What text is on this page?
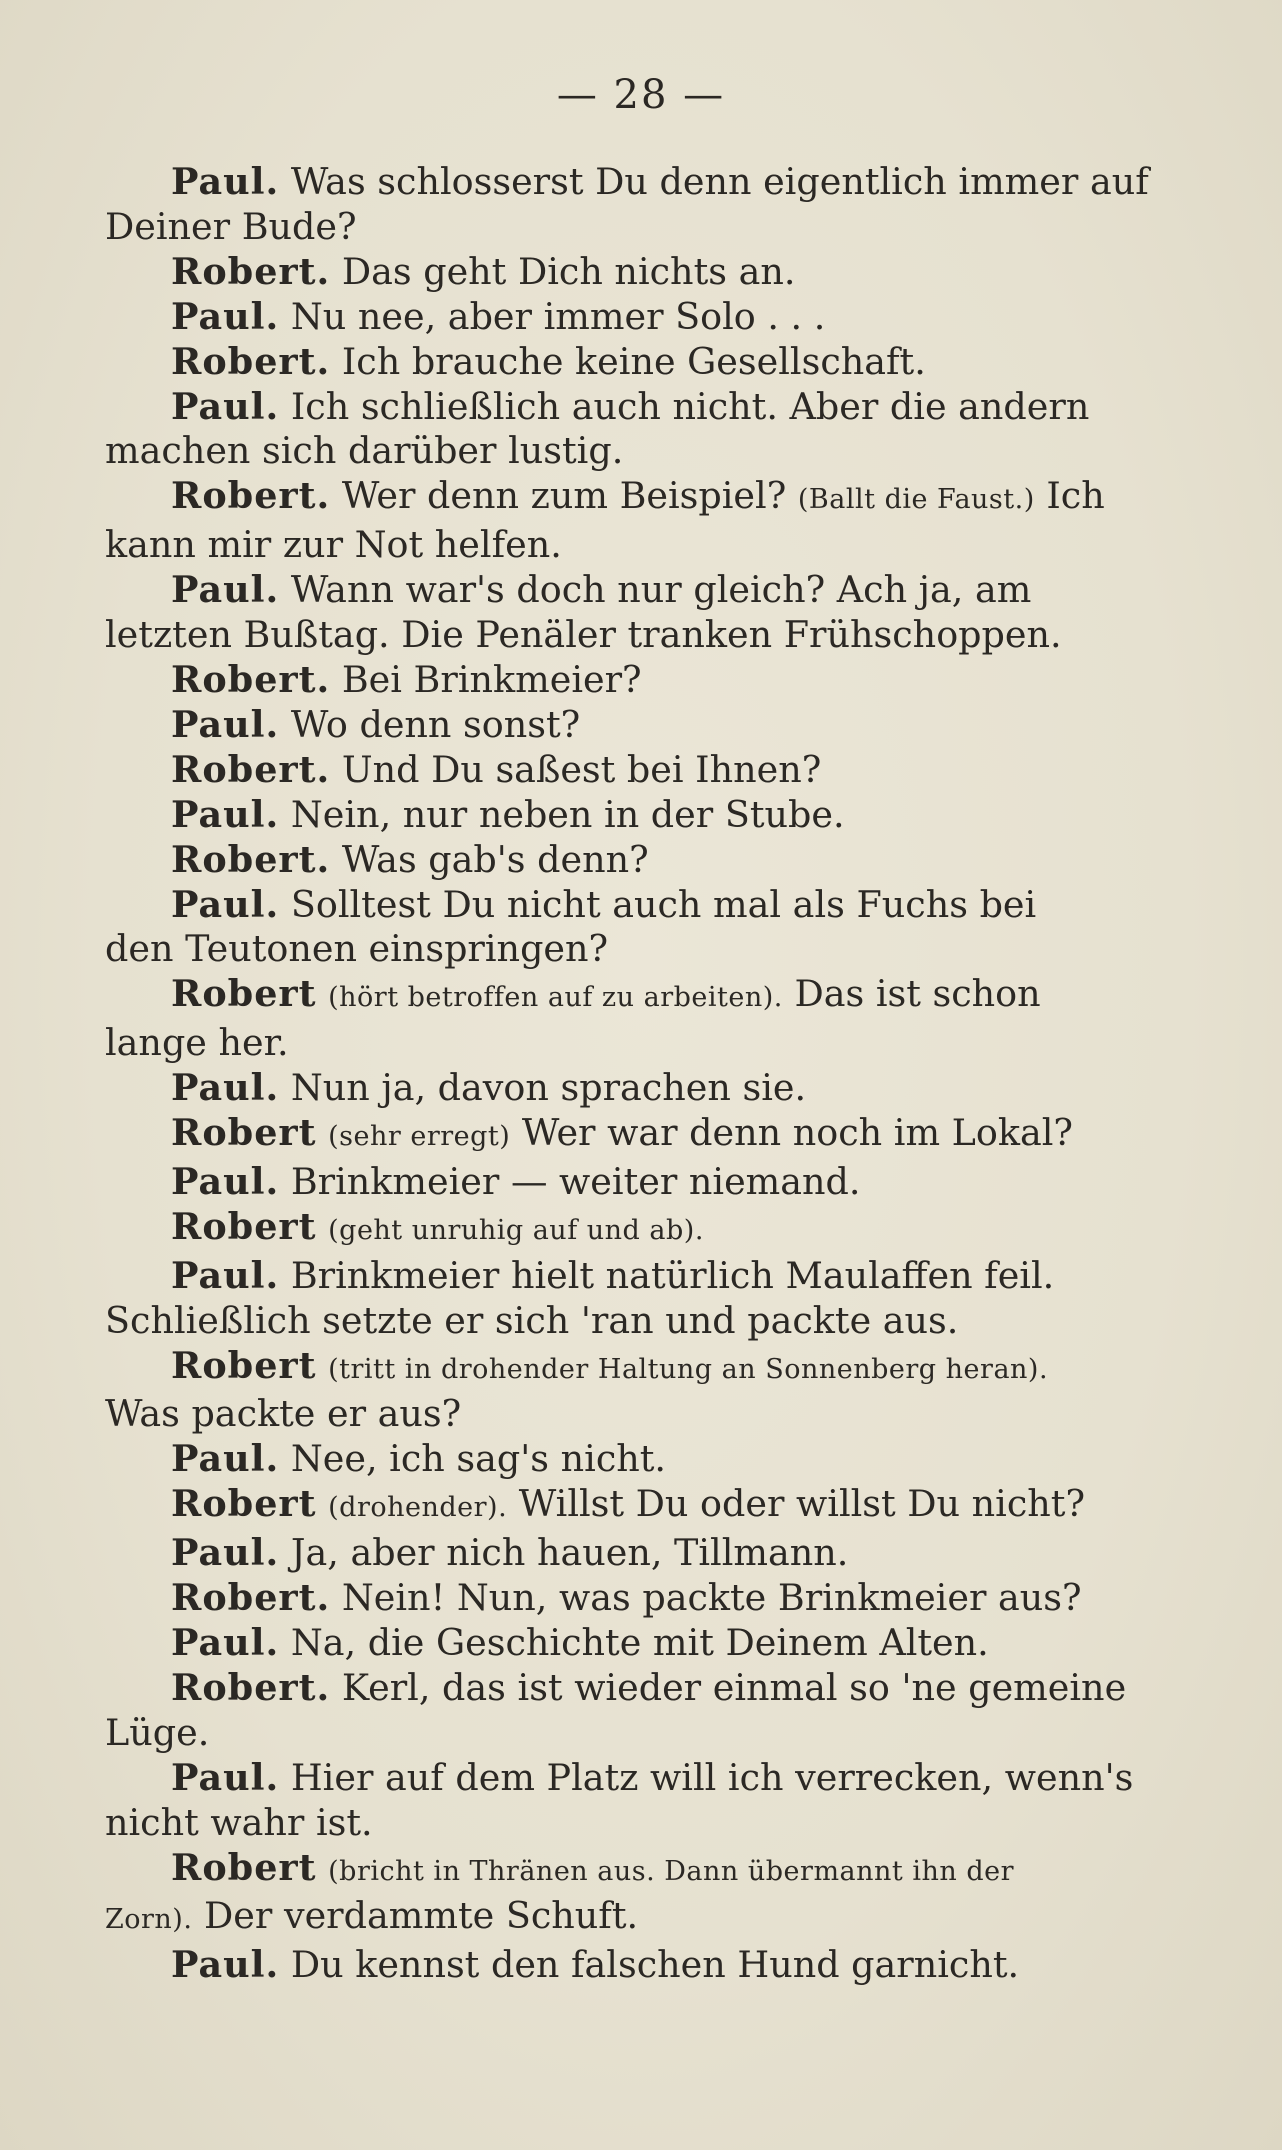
— 28 —

Paul. Was schlosserst Du denn eigentlich immer auf

Deiner Bude?

Robert. Das geht Dich nichts an.

Paul. Nu nee, aber immer Solo . . .

Robert. Ich brauche keine Gesellschaft.

Paul. Ich schließlich auch nicht. Aber die andern

machen sich darüber lustig.

Robert. Wer denn zum Beispiel? (Ballt die Faust.) Ich

kann mir zur Not helfen.

Paul. Wann war's doch nur gleich? Ach ja, am

letzten Bußtag. Die Penäler tranken Frühschoppen.

Robert. Bei Brinkmeier?

Paul. Wo denn sonst?

Robert. Und Du saßest bei Ihnen?

Paul. Nein, nur neben in der Stube.

Robert. Was gab's denn?

Paul. Solltest Du nicht auch mal als Fuchs bei

den Teutonen einspringen?

Robert (hört betroffen auf zu arbeiten). Das ist schon

lange her.

Paul. Nun ja, davon sprachen sie.

Robert (sehr erregt) Wer war denn noch im Lokal?

Paul. Brinkmeier — weiter niemand.

Robert (geht unruhig auf und ab).

Paul. Brinkmeier hielt natürlich Maulaffen feil.

Schließlich setzte er sich 'ran und packte aus.

Robert (tritt in drohender Haltung an Sonnenberg heran).

Was packte er aus?

Paul. Nee, ich sag's nicht.

Robert (drohender). Willst Du oder willst Du nicht?

Paul. Ja, aber nich hauen, Tillmann.

Robert. Nein! Nun, was packte Brinkmeier aus?

Paul. Na, die Geschichte mit Deinem Alten.

Robert. Kerl, das ist wieder einmal so 'ne gemeine

Lüge.

Paul. Hier auf dem Platz will ich verrecken, wenn's

nicht wahr ist.

Robert (bricht in Thränen aus. Dann übermannt ihn der

Zorn). Der verdammte Schuft.

Paul. Du kennst den falschen Hund garnicht.
